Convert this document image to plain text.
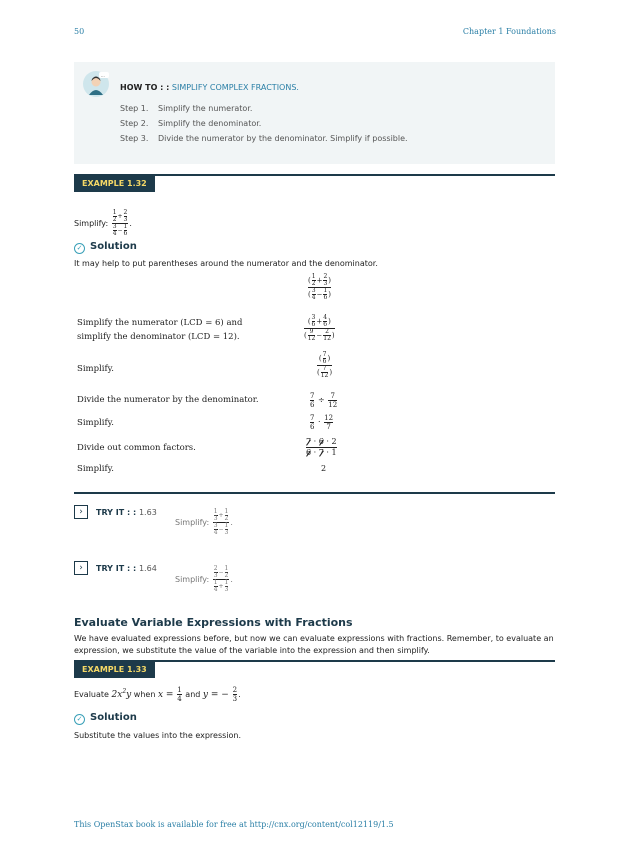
50	Chapter 1 Foundations
...
HOW TO : : SIMPLIFY COMPLEX FRACTIONS.
Step 1. Simplify the numerator.
Step 2. Simplify the denominator.
Step 3. Divide the numerator by the denominator. Simplify if possible.
EXAMPLE 1.32
Simplify: $\frac{\frac{1}{2} + \frac{2}{3}}{\frac{3}{4} - \frac{1}{6}}$ .
✓ Solution
It may help to put parentheses around the numerator and the denominator.
$\frac{( \frac{1}{2} + \frac{2}{3} )}{( \frac{3}{4} - \frac{1}{6} )}$
Simplify the numerator (LCD = 6) and
simplify the denominator (LCD = 12).	$\frac{( \frac{3}{6} + \frac{4}{6} )}{( \frac{9}{12} - \frac{2}{12} )}$
Simplify.	$\frac{( \frac{7}{6} )}{( \frac{7}{12} )}$
Divide the numerator by the denominator.	$\frac{7}{6} \div \frac{7}{12}$
Simplify.	$\frac{7}{6} \cdot \frac{12}{7}$
Divide out common factors.	$\frac{7 \cdot 6 \cdot 2}{6 \cdot 7 \cdot 1}$
Simplify.	2
› TRY IT : : 1.63
Simplify: $\frac{\frac{1}{3} + \frac{1}{2}}{\frac{3}{4} - \frac{1}{3}}$ .
› TRY IT : : 1.64
Simplify: $\frac{\frac{2}{3} - \frac{1}{2}}{\frac{1}{4} + \frac{1}{3}}$ .
Evaluate Variable Expressions with Fractions
We have evaluated expressions before, but now we can evaluate expressions with fractions. Remember, to evaluate an expression, we substitute the value of the variable into the expression and then simplify.
EXAMPLE 1.33
Evaluate $2x^2y$ when $x = \frac{1}{4}$ and y = − $\frac{2}{3}$ .
✓ Solution
Substitute the values into the expression.
This OpenStax book is available for free at http://cnx.org/content/col12119/1.5
